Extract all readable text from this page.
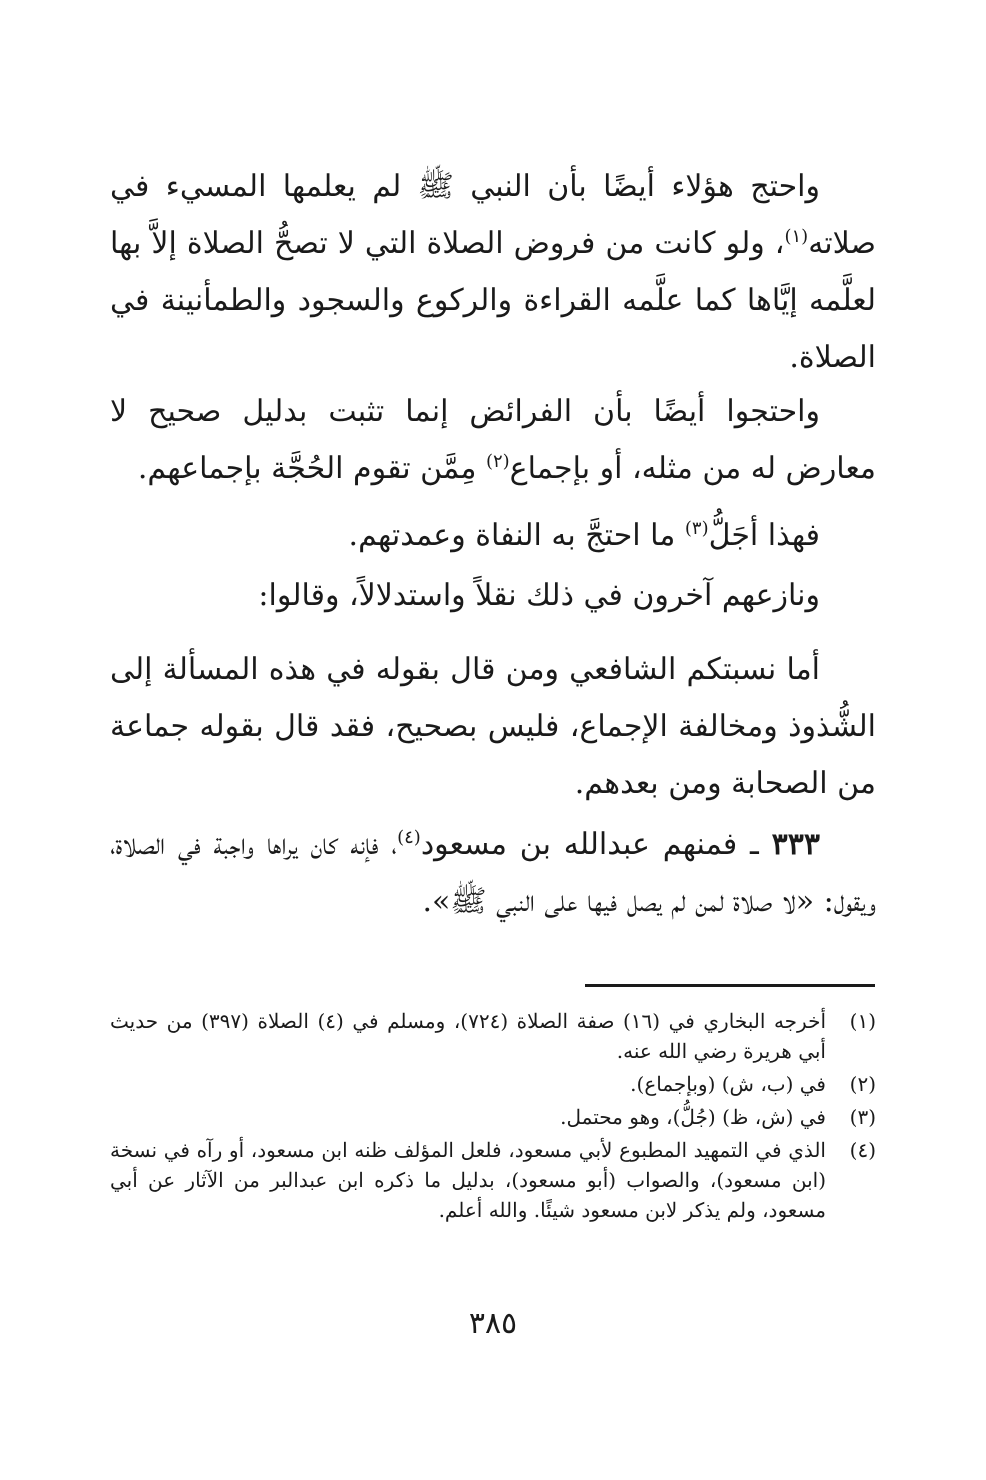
واحتج هؤلاء أيضًا بأن النبي ﷺ لم يعلمها المسيء في صلاته$^{(١)}$، ولو كانت من فروض الصلاة التي لا تصحُّ الصلاة إلاَّ بها لعلَّمه إيَّاها كما علَّمه القراءة والركوع والسجود والطمأنينة في الصلاة.

واحتجوا أيضًا بأن الفرائض إنما تثبت بدليل صحيح لا معارض له من مثله، أو بإجماع$^{(٢)}$ مِمَّن تقوم الحُجَّة بإجماعهم.

فهذا أجَلُّ$^{(٣)}$ ما احتجَّ به النفاة وعمدتهم.

ونازعهم آخرون في ذلك نقلاً واستدلالاً، وقالوا:

أما نسبتكم الشافعي ومن قال بقوله في هذه المسألة إلى الشُّذوذ ومخالفة الإجماع، فليس بصحيح، فقد قال بقوله جماعة من الصحابة ومن بعدهم.

٣٣٣ ـ فمنهم عبدالله بن مسعود$^{(٤)}$، فإنه كان يراها واجبة في الصلاة، ويقول: «لا صلاة لمن لم يصل فيها على النبي ﷺ».

(١)
أخرجه البخاري في (١٦) صفة الصلاة (٧٢٤)، ومسلم في (٤) الصلاة (٣٩٧) من حديث أبي هريرة رضي الله عنه.
(٢)
في (ب، ش) (وبإجماع).
(٣)
في (ش، ظ) (جُلُّ)، وهو محتمل.
(٤)
الذي في التمهيد المطبوع لأبي مسعود، فلعل المؤلف ظنه ابن مسعود، أو رآه في نسخة (ابن مسعود)، والصواب (أبو مسعود)، بدليل ما ذكره ابن عبدالبر من الآثار عن أبي مسعود، ولم يذكر لابن مسعود شيئًا. والله أعلم.
٣٨٥
